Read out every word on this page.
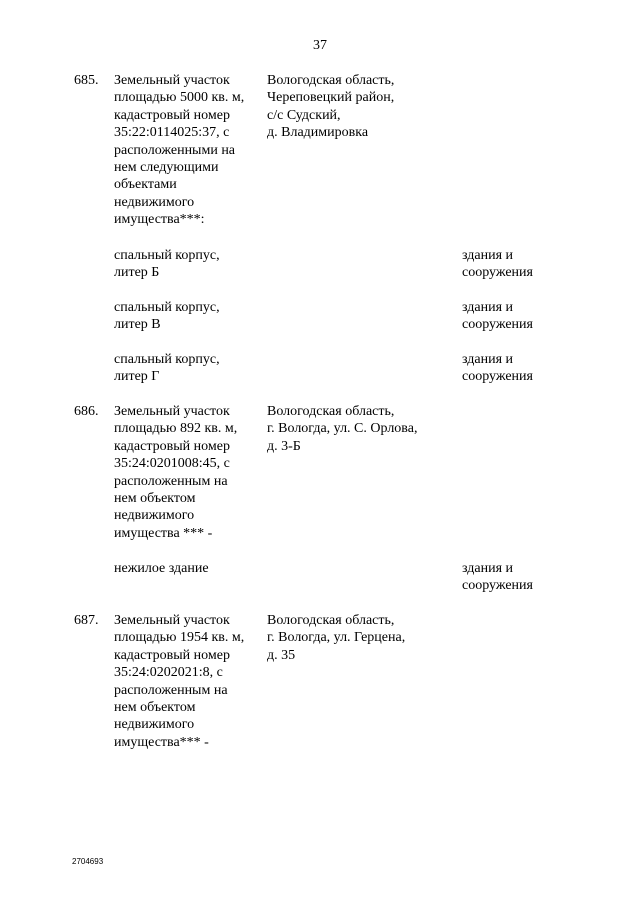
37
685. Земельный участок
площадью 5000 кв. м,
кадастровый номер
35:22:0114025:37, с
расположенными на
нем следующими
объектами
недвижимого
имущества***:
Вологодская область,
Череповецкий район,
с/с Судский,
д. Владимировка
спальный корпус,
литер Б
здания и
сооружения
спальный корпус,
литер В
здания и
сооружения
спальный корпус,
литер Г
здания и
сооружения
686. Земельный участок
площадью 892 кв. м,
кадастровый номер
35:24:0201008:45, с
расположенным на
нем объектом
недвижимого
имущества *** -
Вологодская область,
г. Вологда, ул. С. Орлова,
д. 3-Б
нежилое здание	здания и
сооружения
687. Земельный участок
площадью 1954 кв. м,
кадастровый номер
35:24:0202021:8, с
расположенным на
нем объектом
недвижимого
имущества*** -
Вологодская область,
г. Вологда, ул. Герцена,
д. 35
2704693
